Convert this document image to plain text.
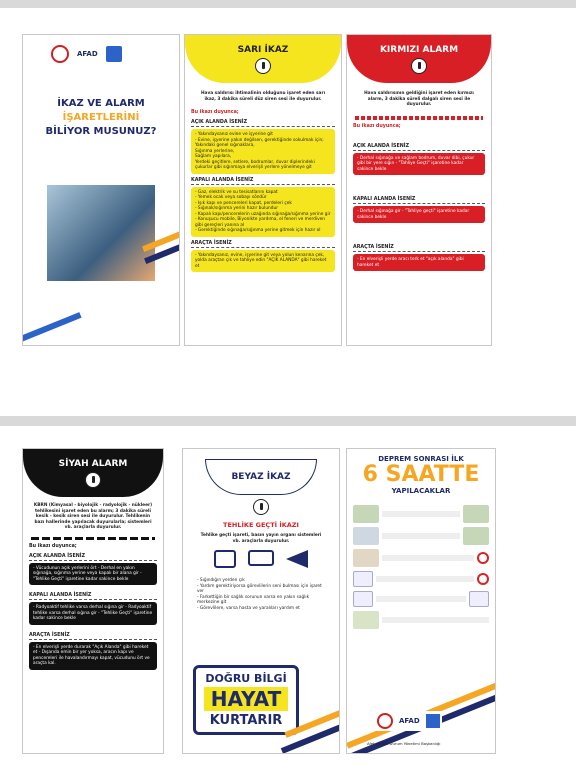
AFAD
İKAZ VE ALARM
İŞARETLERİNİ
BİLİYOR MUSUNUZ?
SARI İKAZ

Hava saldırısı ihtimalinin olduğunu işaret eden sarı ikaz, 3 dakika süreli düz siren sesi ile duyurulur.

Bu ikazı duyunca;
AÇIK ALANDA İSENİZ
- Yakındaysanız evine ve işyerine git
- Evine, işyerine yakın değilsen, gerektiğinde sokulmak için;
Yakındaki genel sığınaklara,
Sığınma yerlerine,
Sağlam yapılara,
Yerdeki geçitlere, setlere, bodrumlar, duvar diplerindeki çukurlar gibi sığınmaya elverişli yerlere yönelmeye git
KAPALI ALANDA İSENİZ
- Gaz, elektrik ve su tesisatlarını kapat
- Yemek ocak veya sobayı söndür
- Işık kapı ve pencereleri kapat, perdeleri çek
- Sığınak/sığınma yerini hazır bulundur
- Kapalı kapı/pencerelerin uzağında sığınağa/sığınma yerine gir
- Konuşucu mobile, Biyonikte yardıma, el feneri ve merdiven gibi gereçleri yanına al
- Gerektiğinde sığınağa/sığınma yerine gitmek için hazır ol
ARAÇTA İSENİZ
- Yakındaysanız, evine, işyerine git veya yolun kenarına çek, yolda araçtan çık ve tahliye edin "AÇIK ALANDA" gibi hareket et
KIRMIZI ALARM

Hava saldırısının geldiğini işaret eden kırmızı alarm, 3 dakika süreli dalgalı siren sesi ile duyurulur.

Bu ikazı duyunca;
AÇIK ALANDA İSENİZ
- Derhal sığınağa ve sağlam bodrum, duvar dibi, çukur gibi bir yere sığın - "Tahliye Geçti" işaretine kadar sakince bekle
KAPALI ALANDA İSENİZ
- Derhal sığınağa gir - "Tahliye geçti" işaretine kadar sakince bekle
ARAÇTA İSENİZ
- En elverişli yerde aracı terk et "açık alanda" gibi hareket et
SİYAH ALARM

KBRN (Kimyasal - biyolojik - radyolojik - nükleer) tehlikesini işaret eden bu alarm; 3 dakika süreli kesik - kesik siren sesi ile duyurulur. Tehlikenin bazı hallerinde yapılacak duyurularla; sistemleri vb. araçlarla duyurulur.

Bu ikazı duyunca;
AÇIK ALANDA İSENİZ
- Vücudunun açık yerlerini ört - Derhal en yakın sığınağa, sığınma yerine veya kapalı bir alana gir - "Tehlike Geçti" işaretine kadar sakince bekle
KAPALI ALANDA İSENİZ
- Radyoaktif tehlike varsa derhal sığına gir - Radyoaktif tehlike varsa derhal sığına gir - "Tehlike Geçti" işaretine kadar sakince bekle
ARAÇTA İSENİZ
- En elverişli yerde durarak "Açık Alanda" gibi hareket et - Dışarıda emin bir yer yoksa, aracın kapı ve pencereleri ile havalandırmayı kapat, vücudunu ört ve araçta kal.
BEYAZ İKAZ
TEHLİKE GEÇTİ İKAZI

Tehlike geçti işareti, basın yayın organı sistemleri vb. araçlarla duyurulur.

- Sığındığın yerden çık
- Yardım gerektiriyorsa görevlilerin seni bulması için işaret ver
- Farkettiğin bir sağlık sorunun varsa en yakın sağlık merkezine git
- Görevlilere, varsa hasta ve yaralıları yardım et
DOĞRU BİLGİ
HAYAT
KURTARIR
DEPREM SONRASI İLK
6 SAATTE
YAPILACAKLAR
AFAD
Afet ve Acil Durum Yönetimi Başkanlığı
